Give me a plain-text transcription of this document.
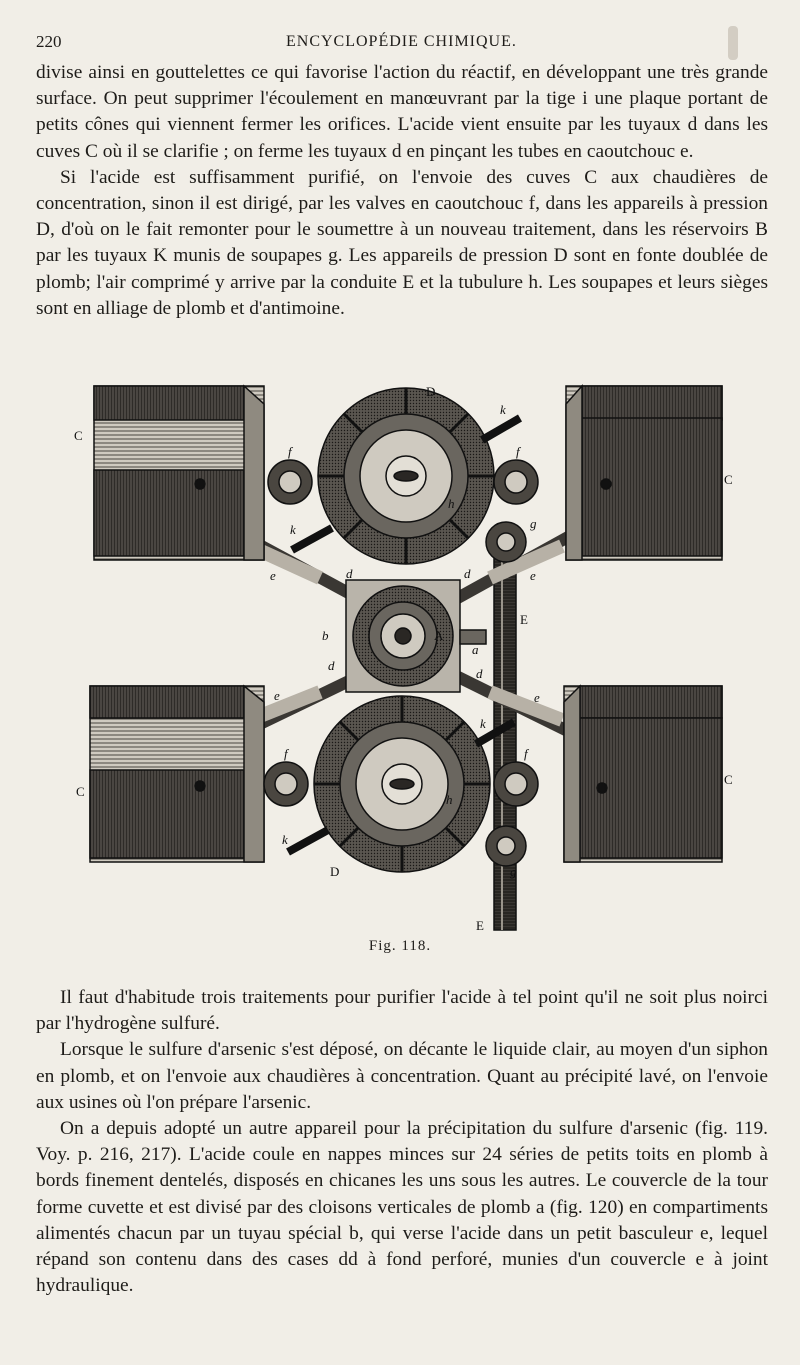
220	ENCYCLOPÉDIE CHIMIQUE.

divise ainsi en gouttelettes ce qui favorise l'action du réactif, en développant une très grande surface. On peut supprimer l'écoulement en manœuvrant par la tige i une plaque portant de petits cônes qui viennent fermer les orifices. L'acide vient ensuite par les tuyaux d dans les cuves C où il se clarifie ; on ferme les tuyaux d en pinçant les tubes en caoutchouc e.

Si l'acide est suffisamment purifié, on l'envoie des cuves C aux chaudières de concentration, sinon il est dirigé, par les valves en caoutchouc f, dans les appareils à pression D, d'où on le fait remonter pour le soumettre à un nouveau traitement, dans les réservoirs B par les tuyaux K munis de soupapes g. Les appareils de pression D sont en fonte doublée de plomb; l'air comprimé y arrive par la conduite E et la tubulure h. Les soupapes et leurs sièges sont en alliage de plomb et d'antimoine.

C
C
C
C
D
D
f	f
f	f
k
k
k
k
d	d
d
d
e	e
e	e
g
g
h
h
b
a
A
E
E
Fig. 118.

Il faut d'habitude trois traitements pour purifier l'acide à tel point qu'il ne soit plus noirci par l'hydrogène sulfuré.

Lorsque le sulfure d'arsenic s'est déposé, on décante le liquide clair, au moyen d'un siphon en plomb, et on l'envoie aux chaudières à concentration. Quant au précipité lavé, on l'envoie aux usines où l'on prépare l'arsenic.

On a depuis adopté un autre appareil pour la précipitation du sulfure d'arsenic (fig. 119. Voy. p. 216, 217). L'acide coule en nappes minces sur 24 séries de petits toits en plomb à bords finement dentelés, disposés en chicanes les uns sous les autres. Le couvercle de la tour forme cuvette et est divisé par des cloisons verticales de plomb a (fig. 120) en compartiments alimentés chacun par un tuyau spécial b, qui verse l'acide dans un petit basculeur e, lequel répand son contenu dans des cases dd à fond perforé, munies d'un couvercle e à joint hydraulique.
